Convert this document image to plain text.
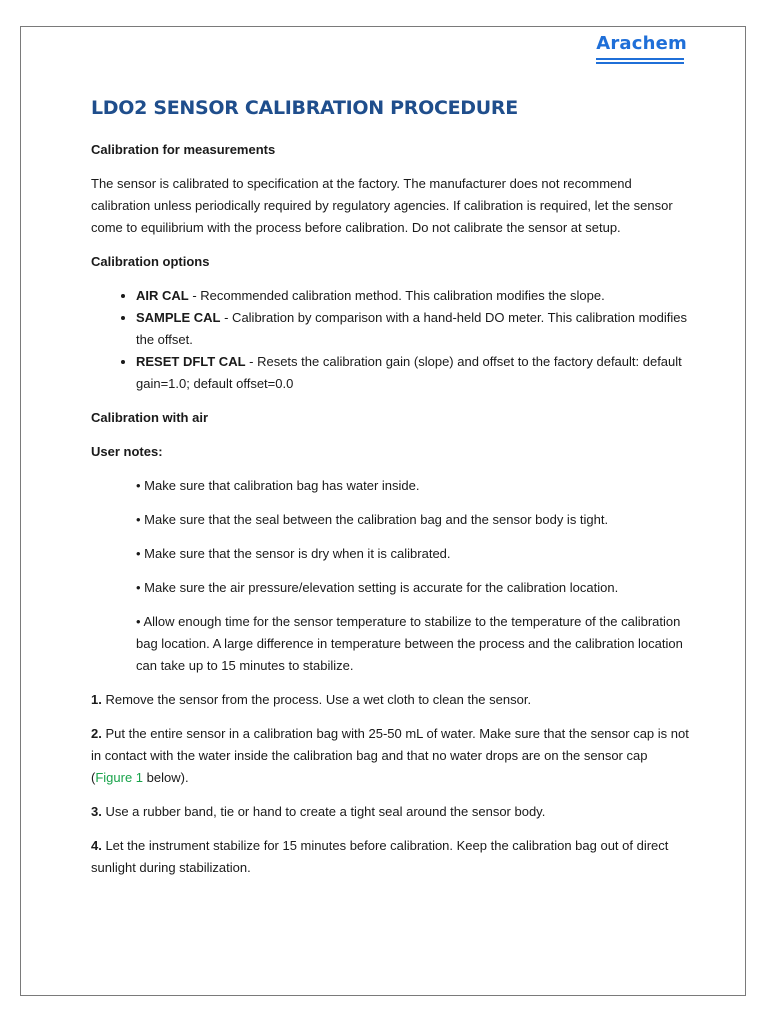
Arachem
LDO2 SENSOR CALIBRATION PROCEDURE
Calibration for measurements

The sensor is calibrated to specification at the factory. The manufacturer does not recommend calibration unless periodically required by regulatory agencies. If calibration is required, let the sensor come to equilibrium with the process before calibration. Do not calibrate the sensor at setup.

Calibration options
• AIR CAL - Recommended calibration method. This calibration modifies the slope.
• SAMPLE CAL - Calibration by comparison with a hand-held DO meter. This calibration modifies the offset.
• RESET DFLT CAL - Resets the calibration gain (slope) and offset to the factory default: default gain=1.0; default offset=0.0
Calibration with air
User notes:

• Make sure that calibration bag has water inside.

• Make sure that the seal between the calibration bag and the sensor body is tight.

• Make sure that the sensor is dry when it is calibrated.

• Make sure the air pressure/elevation setting is accurate for the calibration location.

• Allow enough time for the sensor temperature to stabilize to the temperature of the calibration bag location. A large difference in temperature between the process and the calibration location can take up to 15 minutes to stabilize.

1. Remove the sensor from the process. Use a wet cloth to clean the sensor.

2. Put the entire sensor in a calibration bag with 25-50 mL of water. Make sure that the sensor cap is not in contact with the water inside the calibration bag and that no water drops are on the sensor cap (Figure 1 below).

3. Use a rubber band, tie or hand to create a tight seal around the sensor body.

4. Let the instrument stabilize for 15 minutes before calibration. Keep the calibration bag out of direct sunlight during stabilization.
